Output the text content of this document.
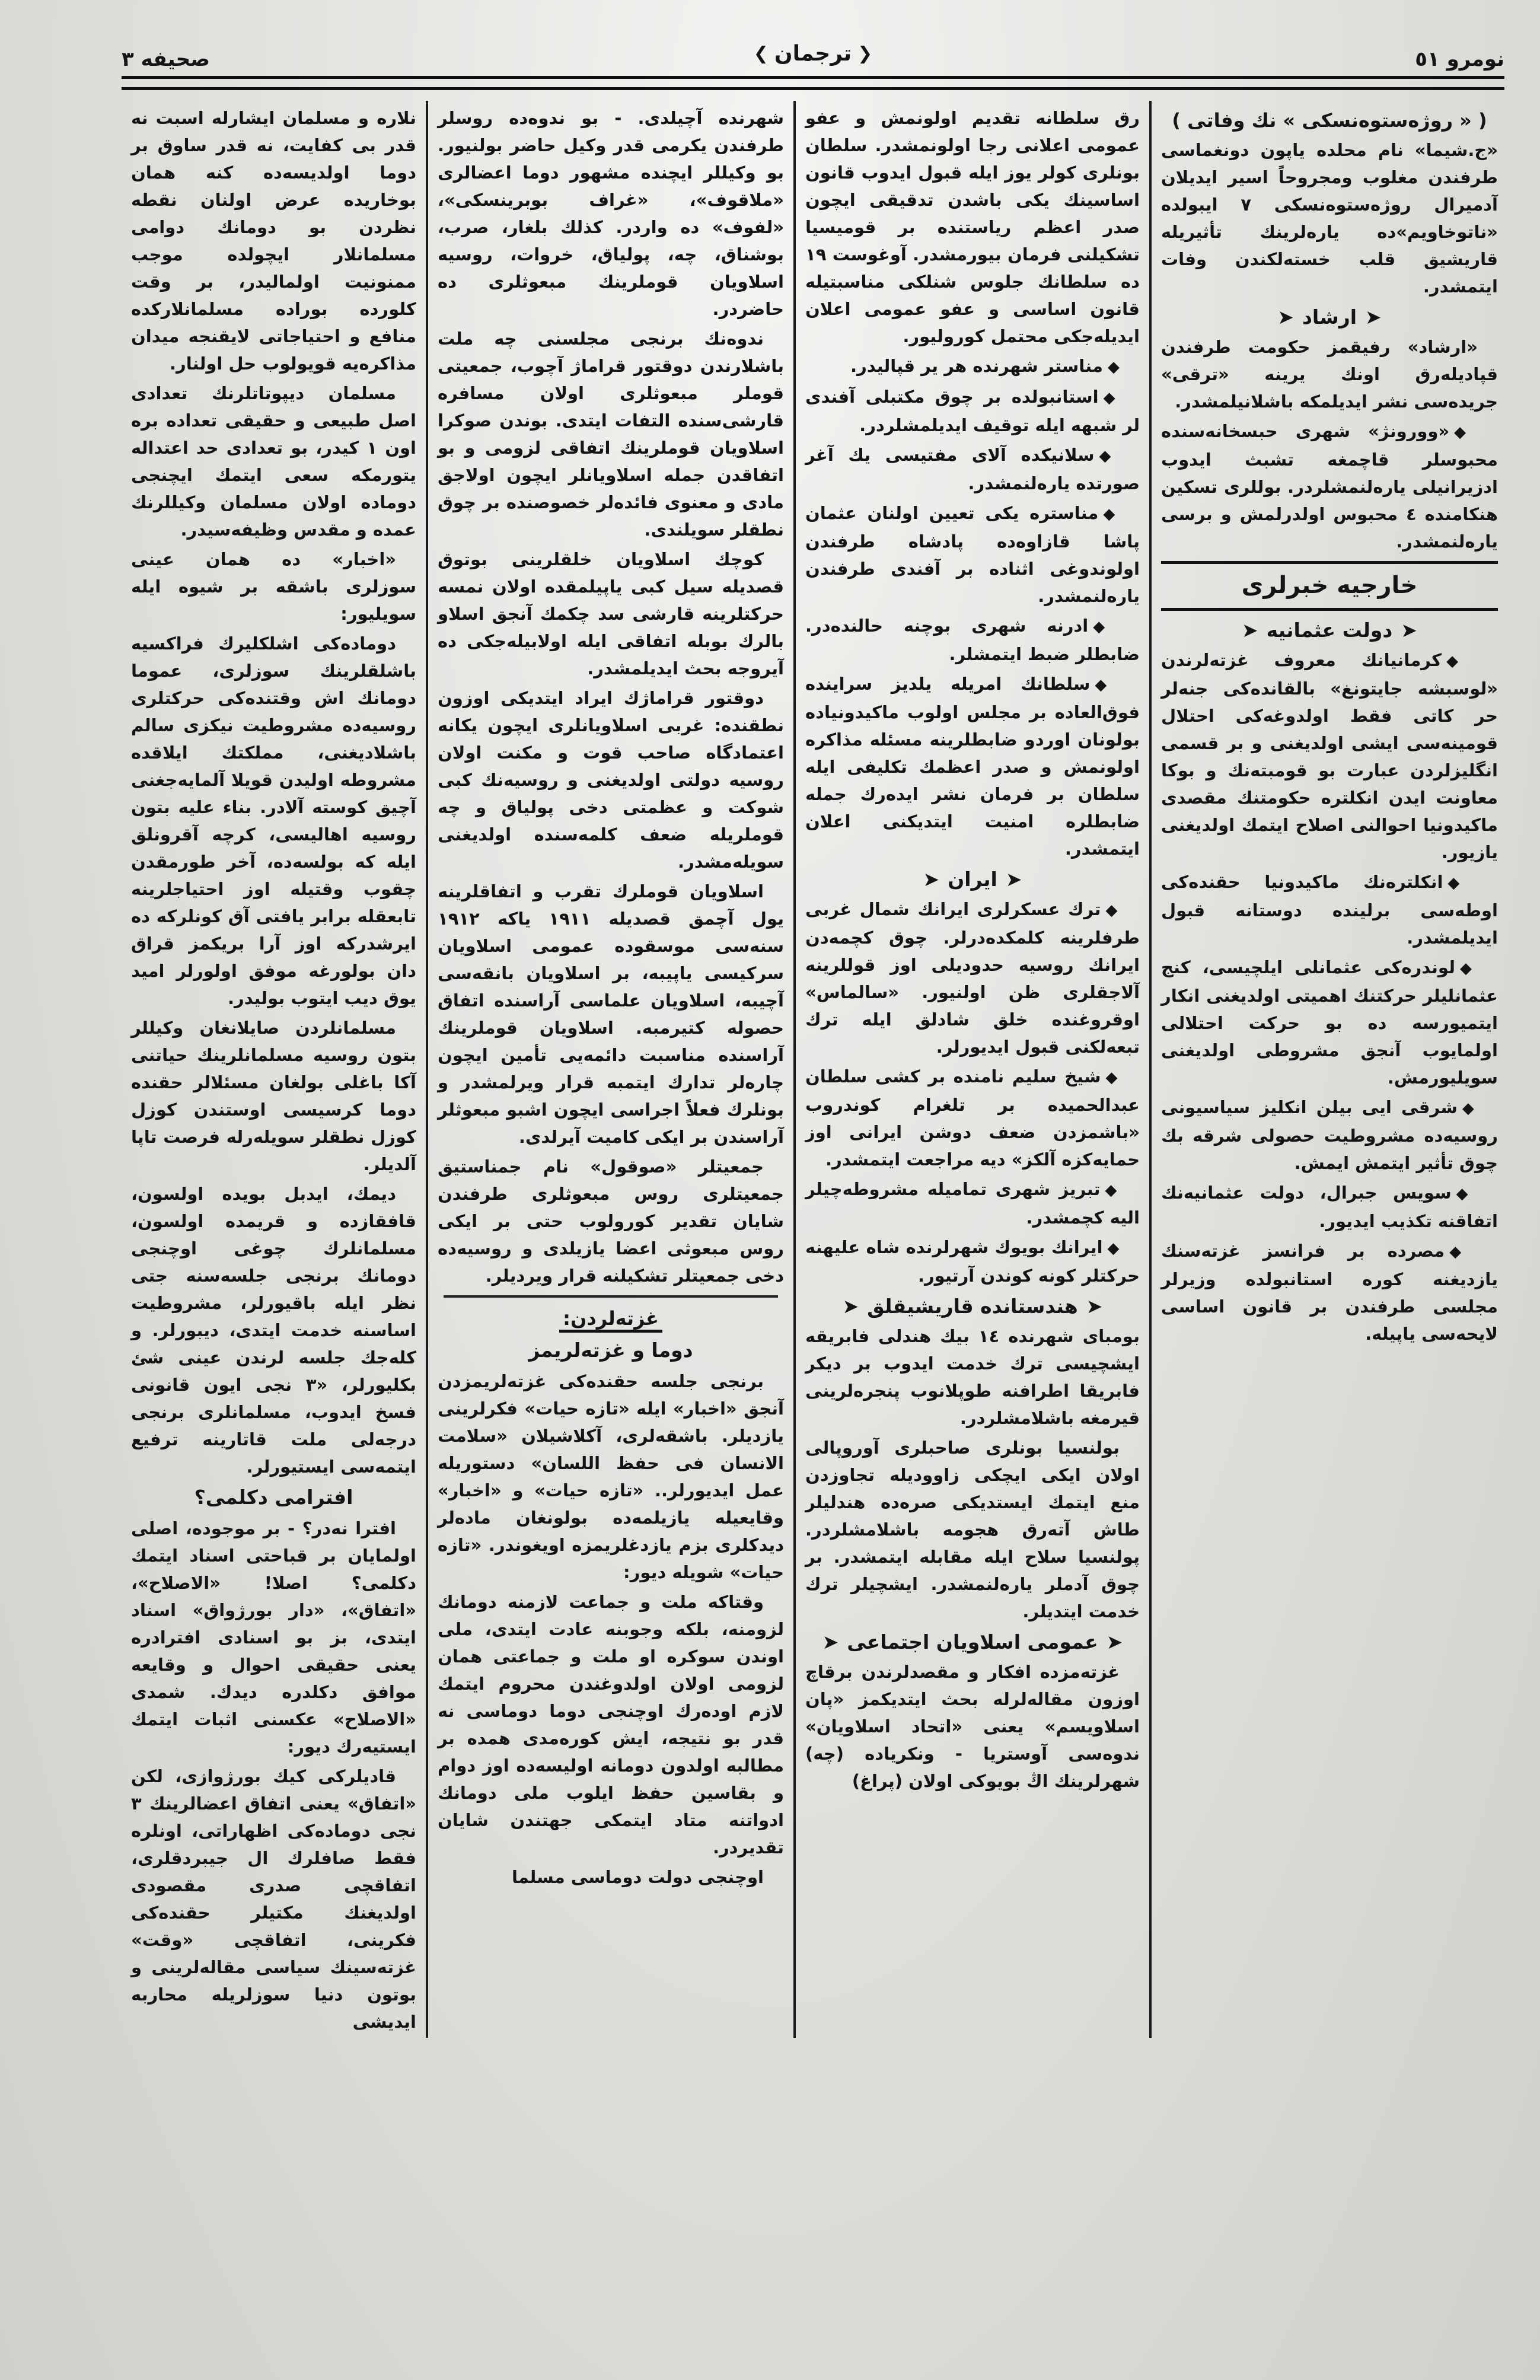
نومرو ٥١
❮
ترجمان
❯
صحيفه ٣
( « روژه‌ستوه‌نسكى » نك وفاتى )

«ج.شيما» نام محلده ياپون دونغماسى طرفندن مغلوب ومجروحاً اسير ايديلان آدميرال روژه‌ستوه‌نسكى ٧ ايبولده «ناتوخاويم»ده يارەلرينك تأثيريله قاريشيق قلب خسته‌لكندن وفات ايتمشدر.

➤
ارشاد
➤

«ارشاد» رفيقمز حكومت طرفندن قپاديله‌رق اونك يرينه «ترقى» جريده‌سى نشر ايديلمكه باشلانيلمشدر.

◆«وورونژ» شهرى حبسخانه‌سنده محبوسلر قاچمغه تشبث ايدوب ادزيرانيلى يارەلنمشلردر. بوللرى تسكين هنكامنده ٤ محبوس اولدرلمش و برسى يارەلنمشدر.

خارجيه خبرلرى
➤
دولت عثمانيه
➤

◆كرمانيانك معروف غزته‌لرندن «لوسبشه جايتونغ» بالقانده‌كى جنه‌لر حر كاتى فقط اولدوغه‌كى احتلال قومينه‌سى ايشى اولديغنى و بر قسمى انگليزلردن عبارت بو قومبته‌نك و بوكا معاونت ايدن انكلتره حكومتنك مقصدى ماكيدونيا احوالنى اصلاح ايتمك اولديغنى يازيور.

◆انكلتره‌نك ماكيدونيا حقنده‌كى اوطه‌سى برلينده دوستانه قبول ايديلمشدر.

◆لوندره‌كى عثمانلى ايلچيسى، كنج عثمانليلر حركتنك اهميتى اولديغنى انكار ايتميورسه ده بو حركت احتلالى اولمايوب آنجق مشروطى اولديغنى سويليورمش.

◆شرقى ايى بيلن انكليز سياسيونى روسيه‌ده مشروطيت حصولى شرقه بك چوق تأثير ايتمش ايمش.

◆سويس جبرال، دولت عثمانيه‌نك اتفاقنه تكذيب ايديور.

◆مصرده بر فرانسز غزته‌سنك يازديغنه كوره استانبولده وزيرلر مجلسى طرفندن بر قانون اساسى لايحه‌سى ياپيله.

رق سلطانه تقديم اولونمش و عفو عمومى اعلانى رجا اولونمشدر. سلطان بونلرى كولر يوز ايله قبول ايدوب قانون اساسينك يكى باشدن تدقيقى ايچون صدر اعظم رياستنده بر قوميسيا تشكيلنى فرمان بيورمشدر. آوغوست ١٩ ده سلطانك جلوس شنلكى مناسبتيله قانون اساسى و عفو عمومى اعلان ايديله‌جكى محتمل كوروليور.

◆مناستر شهرنده هر ير قپاليدر.

◆استانبولده بر چوق مكتبلى آفندى لر شبهه ايله توقيف ايديلمشلردر.

◆سلانيكده آلاى مفتيسى يك آغر صورتده يارەلنمشدر.

◆مناستره يكى تعيين اولنان عثمان پاشا قازاوەده پادشاه طرفندن اولوندوغى اثناده بر آفندى طرفندن يارەلنمشدر.

◆ادرنه شهرى بوچنه حالنده‌در. ضابطلر ضبط ايتمشلر.

◆سلطانك امريله يلديز سراينده فوق‌العاده بر مجلس اولوب ماكيدونياده بولونان اوردو ضابطلرينه مسئله مذاكره اولونمش و صدر اعظمك تكليفى ايله سلطان بر فرمان نشر ايدەرك جمله ضابطلره امنيت ايتديكنى اعلان ايتمشدر.

➤
ايران
➤

◆ترك عسكرلرى ايرانك شمال غربى طرفلرينه كلمكده‌درلر. چوق كچمه‌دن ايرانك روسيه حدوديلى اوز قوللرينه آلاجقلرى ظن اولنيور. «سالماس» اوقروغنده خلق شادلق ايله ترك تبعه‌لكنى قبول ايديورلر.

◆شيخ سليم نامنده بر كشى سلطان عبدالحميده بر تلغرام كوندروب «باشمزدن ضعف دوشن ايرانى اوز حمايه‌كزه آلكز» ديه مراجعت ايتمشدر.

◆تبريز شهرى تماميله مشروطه‌چيلر اليه كچمشدر.

◆ايرانك بويوك شهرلرنده شاه عليهنه حركتلر كونه كوندن آرتيور.

➤
هندستانده قاريشيقلق
➤

بومباى شهرنده ١٤ بيك هندلى فابريقه ايشچيسى ترك خدمت ايدوب بر ديكر فابريقا اطرافنه طوپلانوب پنجره‌لرينى قيرمغه باشلامشلردر.

بولنسيا بونلرى صاحبلرى آوروپالى اولان ايكى ايچكى زاووديله تجاوزدن منع ايتمك ايستديكى صره‌ده هندليلر طاش آته‌رق هجومه باشلامشلردر. پولنسيا سلاح ايله مقابله ايتمشدر. بر چوق آدملر يارەلنمشدر. ايشچيلر ترك خدمت ايتديلر.

➤
عمومى اسلاويان اجتماعى
➤

غزته‌مزده افكار و مقصدلرندن برقاچ اوزون مقاله‌لرله بحث ايتديكمز «پان اسلاويسم» يعنى «اتحاد اسلاويان» ندوه‌سى آوستريا - ونكرياده (چه) شهرلرينك اڭ بويوكى اولان (پراغ)

شهرنده آچيلدى. - بو ندوه‌ده روسلر طرفندن يكرمى قدر وكيل حاضر بولنيور. بو وكيللر ايچنده مشهور دوما اعضالرى «ملاقوف»، «غراف بوبرينسكى»، «لفوف» ده واردر. كذلك بلغار، صرب، بوشناق، چه، پولياق، خروات، روسيه اسلاويان قوملرينك مبعوثلرى ده حاضردر.

ندوه‌نك برنجى مجلسنى چه ملت باشلارندن دوقتور قراماژ آچوب، جمعيتى قوملر مبعوثلرى اولان مسافره قارشى‌سنده التفات ايتدى. بوندن صوكرا اسلاويان قوملرينك اتفاقى لزومى و بو اتفاقدن جمله اسلاويانلر ايچون اولاجق مادى و معنوى فائده‌لر خصوصنده بر چوق نطقلر سويلندى.

كوچك اسلاويان خلقلرينى بوتوق قصديله سيل كبى ياپيلمقده اولان نمسه حركتلرينه قارشى سد چكمك آنجق اسلاو بالرك بوبله اتفاقى ايله اولابيله‌جكى ده آيروجه بحث ايديلمشدر.

دوقتور قراماژك ايراد ايتديكى اوزون نطقنده: غربى اسلاويانلرى ايچون يكانه اعتمادگاه صاحب قوت و مكنت اولان روسيه دولتى اولديغنى و روسيه‌نك كبى شوكت و عظمتى دخى پولياق و چه قوملريله ضعف كلمه‌سنده اولديغنى سويله‌مشدر.

اسلاويان قوملرك تقرب و اتفاقلرينه يول آچمق قصديله ١٩١١ ياكه ١٩١٢ سنه‌سى موسقوده عمومى اسلاويان سركيسى ياپيبه، بر اسلاويان بانقه‌سى آچيبه، اسلاويان علماسى آراسنده اتفاق حصوله كتيرمبه. اسلاويان قوملرينك آراسنده مناسبت دائمه‌يى تأمين ايچون چاره‌لر تدارك ايتمبه قرار ويرلمشدر و بونلرك فعلاً اجراسى ايچون اشبو مبعوثلر آراسندن بر ايكى كاميت آيرلدى.

جمعيتلر «صوقول» نام جمناستيق جمعيتلرى روس مبعوثلرى طرفندن شايان تقدير كورولوب حتى بر ايكى روس مبعوثى اعضا يازيلدى و روسيه‌ده دخى جمعيتلر تشكيلنه قرار ويرديلر.

غزته‌لردن:
دوما و غزته‌لريمز

برنجى جلسه حقنده‌كى غزته‌لريمزدن آنجق «اخبار» ايله «تازه حيات» فكرلرينى يازديلر. باشقه‌لرى، آكلاشيلان «سلامت الانسان فى حفظ اللسان» دستوريله عمل ايديورلر.. «تازه حيات» و «اخبار» وقايعيله يازيلمه‌ده بولونغان ماده‌لر ديدكلرى بزم يازدغلريمزه اويغوندر. «تازه حيات» شويله ديور:

وقتاكه ملت و جماعت لازمنه دومانك لزومنه، بلكه وجوبنه عادت ايتدى، ملى اوندن سوكره او ملت و جماعتى همان لزومى اولان اولدوغندن محروم ايتمك لازم اوده‌رك اوچنجى دوما دوماسى نه قدر بو نتيجه، ايش كوره‌مدى همده بر مطالبه اولدون دومانه اوليسه‌ده اوز دوام و بقاسين حفظ ايلوب ملى دومانك ادواتنه متاد ايتمكى جهتندن شايان تقديردر.

اوچنجى دولت دوماسى مسلما

نلاره و مسلمان ايشارله اسبت نه قدر بى كفايت، نه قدر ساوق بر دوما اولديسه‌ده كنه همان بوخاريده عرض اولنان نقطه نظردن بو دومانك دوامى مسلمانلار ايچولده موجب ممنونيت اولماليدر، بر وقت كلورده بوراده مسلمانلاركده منافع و احتياجاتى لايقنجه ميدان مذاكره‌يه قويولوب حل اولنار.

مسلمان ديپوتاتلرنك تعدادى اصل طبيعى و حقيقى تعداده بره اون ١ كيدر، بو تعدادى حد اعتداله يتورمكه سعى ايتمك ايچنجى دوماده اولان مسلمان وكيللرنك عمده و مقدس وظيفه‌سيدر.

«اخبار» ده همان عينى سوزلرى باشقه بر شيوه ايله سويليور:

دومادەكى اشلكليرك فراكسيه باشلقلرينك سوزلرى، عموما دومانك اش وقتنده‌كى حركتلرى روسيه‌ده مشروطيت نيكزى سالم باشلاديغنى، مملكتك ايلاقده مشروطه اوليدن قويلا آلمايه‌جغنى آچيق كوسته آلادر. بناء عليه بتون روسيه اهاليسى، كرچه آقرونلق ايله كه بولسه‌ده، آخر طورمقدن چقوب وقتيله اوز احتياجلرينه تابعقله برابر يافتى آق كونلركه ده ايرشدركه اوز آرا بريكمز قراق دان بولورغه موفق اولورلر اميد يوق ديب ايتوب بوليدر.

مسلمانلردن صايلانغان وكيللر بتون روسيه مسلمانلرينك حياتنى آكا باغلى بولغان مسئلالر حقنده دوما كرسيسى اوستندن كوزل كوزل نطقلر سويله‌رله فرصت تاپا آلديلر.

ديمك، ايدبل بويده اولسون، قافقازده و قريمده اولسون، مسلمانلرك چوغى اوچنجى دومانك برنجى جلسه‌سنه جتى نظر ايله باقيورلر، مشروطيت اساسنه خدمت ايتدى، ديبورلر. و كلەجك جلسه لرندن عينى شئ بكليورلر، «٣ نجى ايون قانونى فسخ ايدوب، مسلمانلرى برنجى درجه‌لى ملت قاتارينه ترفيع ايتمه‌سى ايستيورلر.

افترامى دكلمى؟

افترا نه‌در؟ - بر موجوده، اصلى اولمايان بر قباحتى اسناد ايتمك دكلمى؟ اصلا! «الاصلاح»، «اتفاق»، «دار بورژواق» اسناد ايتدى، بز بو اسنادى افترادره يعنى حقيقى احوال و وقايعه موافق دكلدره ديدك. شمدى «الاصلاح» عكسنى اثبات ايتمك ايستيەرك ديور:

قاديلركى كيك بورژوازى، لكن «اتفاق» يعنى اتفاق اعضالرينك ٣ نجى دومادەكى اظهاراتى، اونلره فقط صافلرك ال جيبردقلرى، اتفاقچى صدرى مقصودى اولديغنك مكتيلر حقنده‌كى فكرينى، اتفاقچى «وقت» غزته‌سينك سياسى مقاله‌لرينى و بوتون دنيا سوزلريله محاربه ايديشى
